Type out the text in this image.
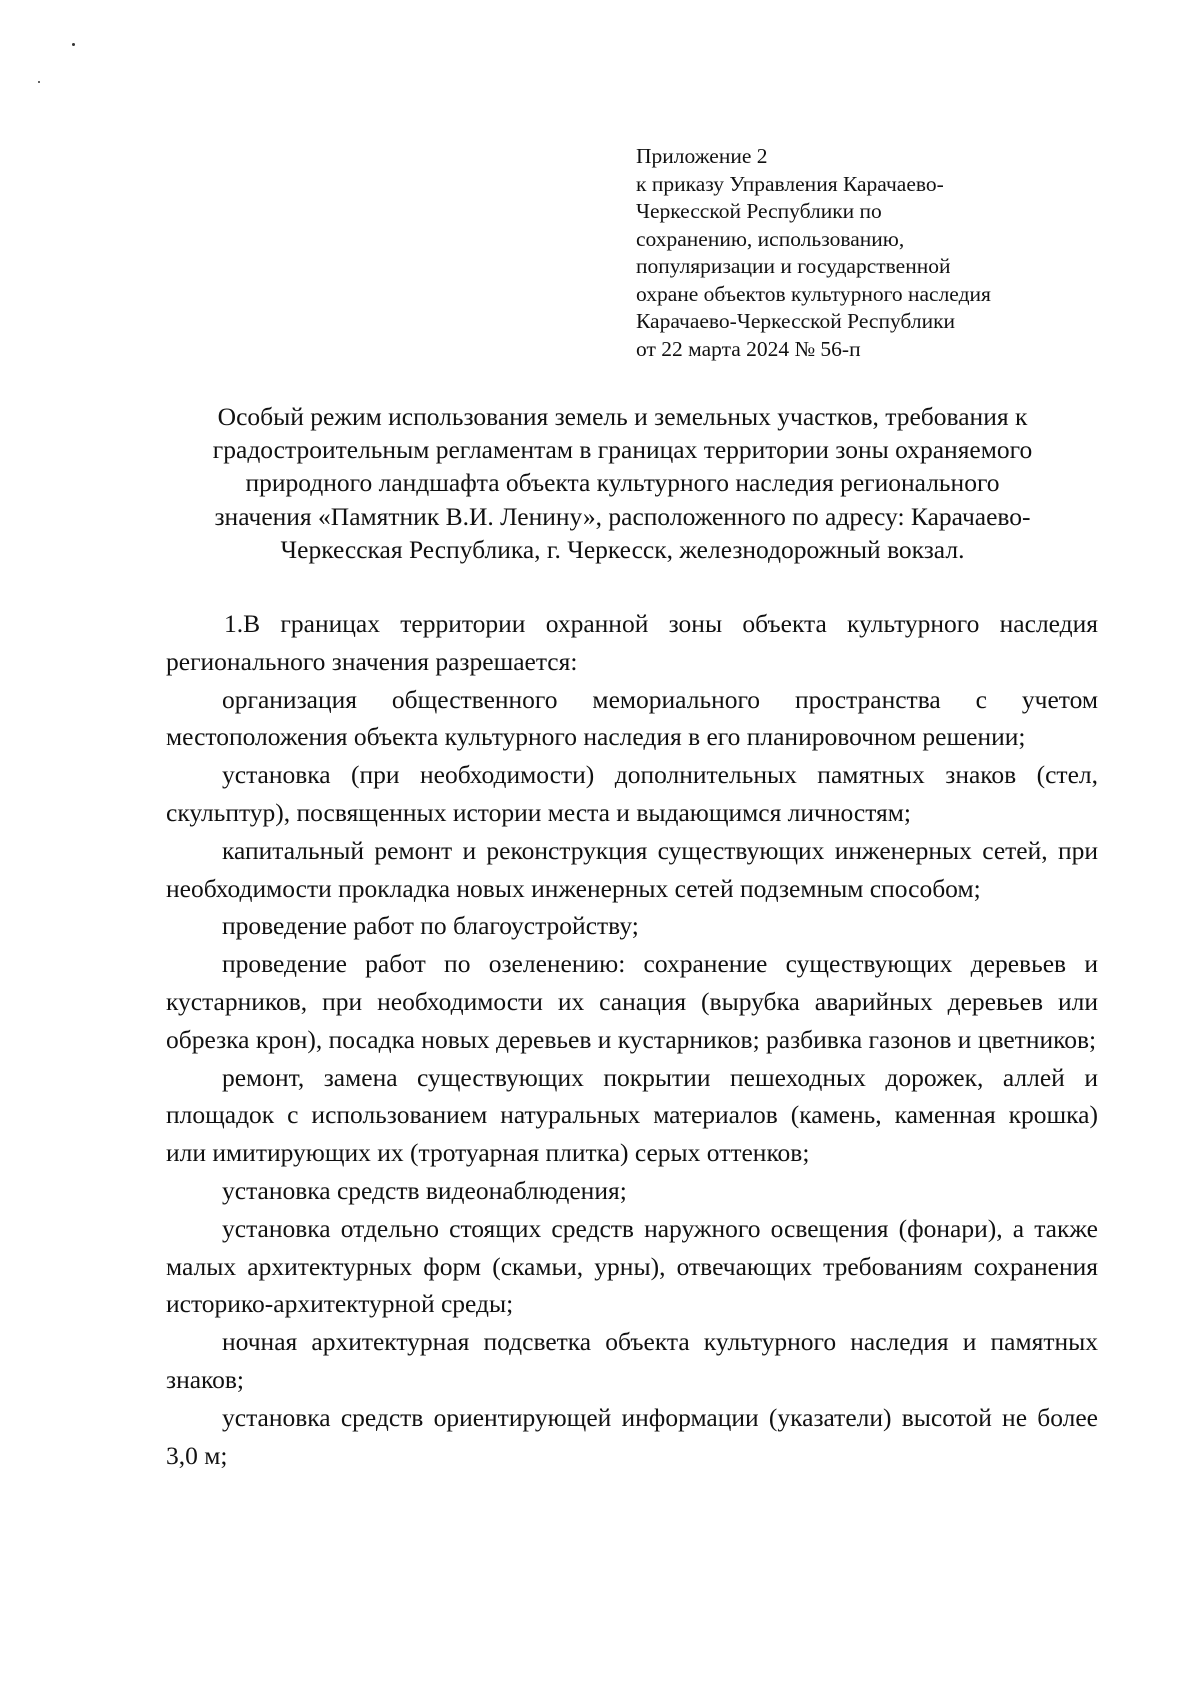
Приложение 2
к приказу Управления Карачаево-
Черкесской Республики по
сохранению, использованию,
популяризации и государственной
охране объектов культурного наследия
Карачаево-Черкесской Республики
от 22 марта 2024 № 56-п
Особый режим использования земель и земельных участков, требования к
градостроительным регламентам в границах территории зоны охраняемого
природного ландшафта объекта культурного наследия регионального
значения «Памятник В.И. Ленину», расположенного по адресу: Карачаево-
Черкесская Республика, г. Черкесск, железнодорожный вокзал.

1.В границах территории охранной зоны объекта культурного наследия регионального значения разрешается:

организация общественного мемориального пространства с учетом местоположения объекта культурного наследия в его планировочном решении;

установка (при необходимости) дополнительных памятных знаков (стел, скульптур), посвященных истории места и выдающимся личностям;

капитальный ремонт и реконструкция существующих инженерных сетей, при необходимости прокладка новых инженерных сетей подземным способом;

проведение работ по благоустройству;

проведение работ по озеленению: сохранение существующих деревьев и кустарников, при необходимости их санация (вырубка аварийных деревьев или обрезка крон), посадка новых деревьев и кустарников; разбивка газонов и цветников;

ремонт, замена существующих покрытии пешеходных дорожек, аллей и площадок с использованием натуральных материалов (камень, каменная крошка) или имитирующих их (тротуарная плитка) серых оттенков;

установка средств видеонаблюдения;

установка отдельно стоящих средств наружного освещения (фонари), а также малых архитектурных форм (скамьи, урны), отвечающих требованиям сохранения историко-архитектурной среды;

ночная архитектурная подсветка объекта культурного наследия и памятных знаков;

установка средств ориентирующей информации (указатели) высотой не более 3,0 м;
